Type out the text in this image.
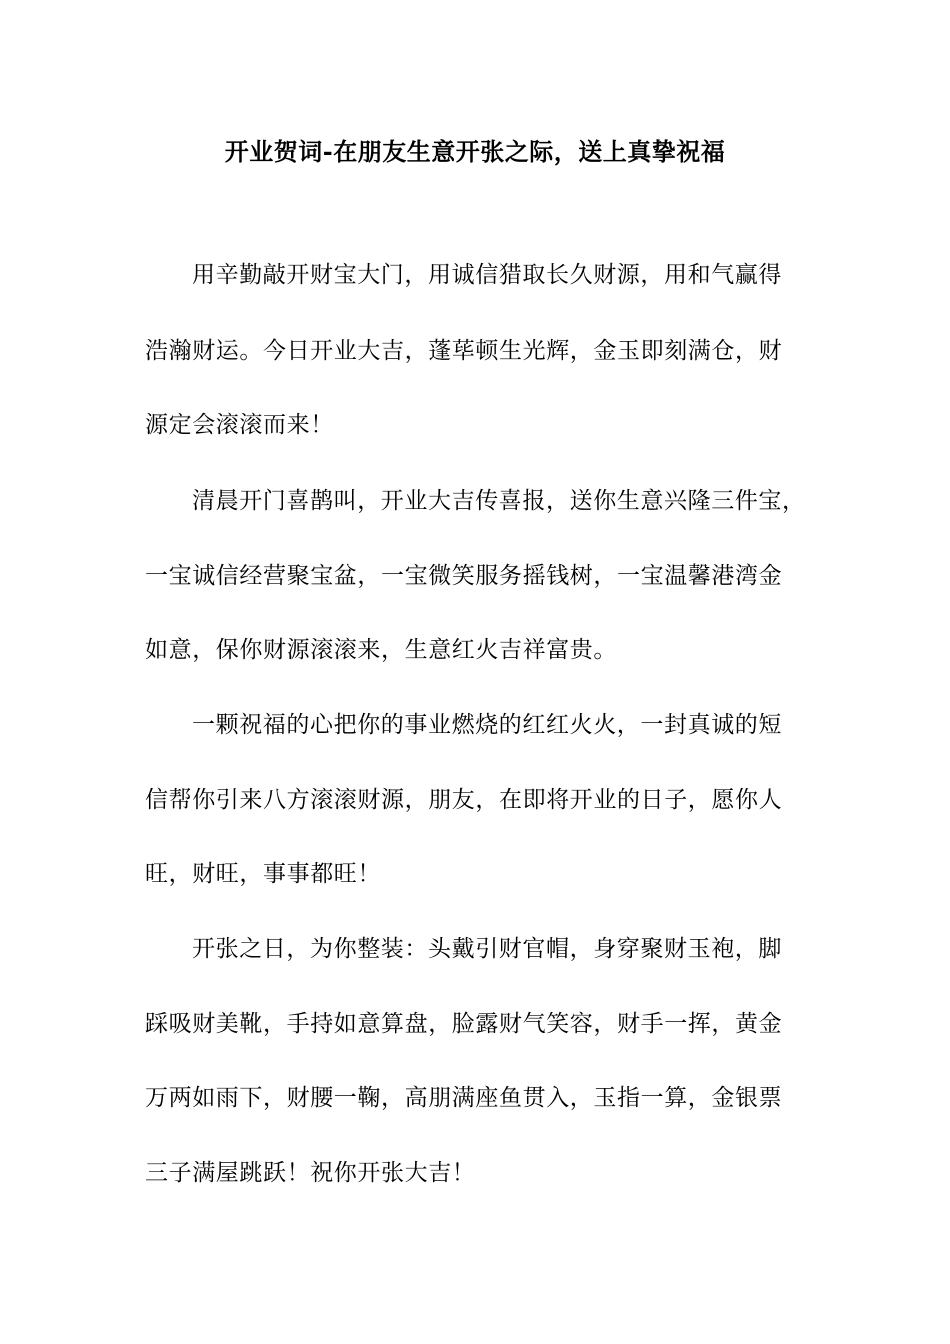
开业贺词-在朋友生意开张之际，送上真挚祝福
用辛勤敲开财宝大门，用诚信猎取长久财源，用和气赢得
浩瀚财运。今日开业大吉，蓬荜顿生光辉，金玉即刻满仓，财
源定会滚滚而来！
清晨开门喜鹊叫，开业大吉传喜报，送你生意兴隆三件宝，
一宝诚信经营聚宝盆，一宝微笑服务摇钱树，一宝温馨港湾金
如意，保你财源滚滚来，生意红火吉祥富贵。
一颗祝福的心把你的事业燃烧的红红火火，一封真诚的短
信帮你引来八方滚滚财源，朋友，在即将开业的日子，愿你人
旺，财旺，事事都旺！
开张之日，为你整装：头戴引财官帽，身穿聚财玉袍，脚
踩吸财美靴，手持如意算盘，脸露财气笑容，财手一挥，黄金
万两如雨下，财腰一鞠，高朋满座鱼贯入，玉指一算，金银票
三子满屋跳跃！祝你开张大吉！
